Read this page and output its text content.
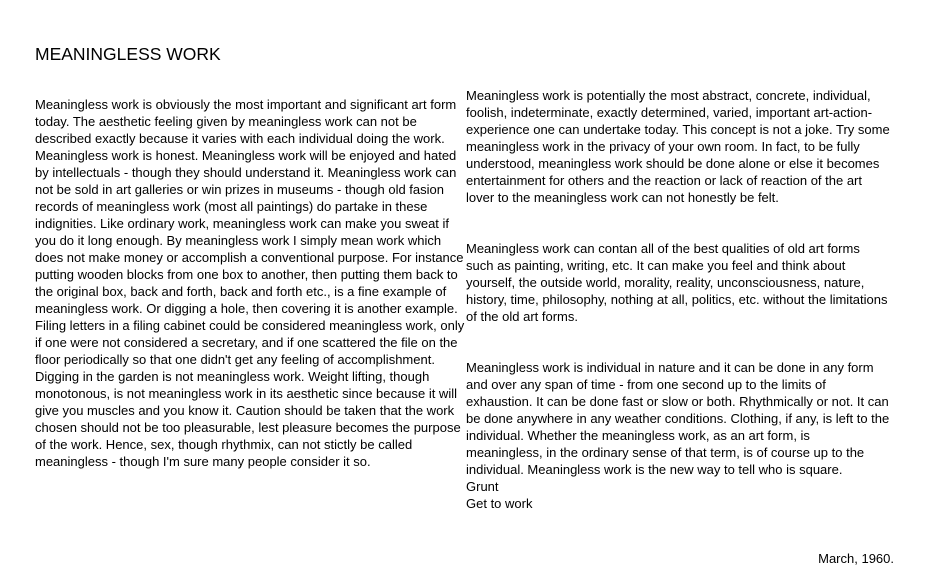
MEANINGLESS WORK

Meaningless work is obviously the most important and significant art form today. The aesthetic feeling given by meaningless work can not be described exactly because it varies with each individual doing the work. Meaningless work is honest. Meaningless work will be enjoyed and hated by intellectuals - though they should understand it. Meaningless work can not be sold in art galleries or win prizes in museums - though old fasion records of meaningless work (most all paintings) do partake in these indignities. Like ordinary work, meaningless work can make you sweat if you do it long enough. By meaningless work I simply mean work which does not make money or accomplish a conventional purpose. For instance putting wooden blocks from one box to another, then putting them back to the original box, back and forth, back and forth etc., is a fine example of meaningless work. Or digging a hole, then covering it is another example. Filing letters in a filing cabinet could be considered meaningless work, only if one were not considered a secretary, and if one scattered the file on the floor periodically so that one didn't get any feeling of accomplishment. Digging in the garden is not meaningless work. Weight lifting, though monotonous, is not meaningless work in its aesthetic since because it will give you muscles and you know it. Caution should be taken that the work chosen should not be too pleasurable, lest pleasure becomes the purpose of the work. Hence, sex, though rhythmix, can not stictly be called meaningless - though I'm sure many people consider it so.

Meaningless work is potentially the most abstract, concrete, individual, foolish, indeterminate, exactly determined, varied, important art-action-experience one can undertake today. This concept is not a joke. Try some meaningless work in the privacy of your own room. In fact, to be fully understood, meaningless work should be done alone or else it becomes entertainment for others and the reaction or lack of reaction of the art lover to the meaningless work can not honestly be felt.

Meaningless work can contan all of the best qualities of old art forms such as painting, writing, etc. It can make you feel and think about yourself, the outside world, morality, reality, unconsciousness, nature, history, time, philosophy, nothing at all, politics, etc. without the limitations of the old art forms.

Meaningless work is individual in nature and it can be done in any form and over any span of time - from one second up to the limits of exhaustion. It can be done fast or slow or both. Rhythmically or not. It can be done anywhere in any weather conditions. Clothing, if any, is left to the individual. Whether the meaningless work, as an art form, is meaningless, in the ordinary sense of that term, is of course up to the individual. Meaningless work is the new way to tell who is square.

Grunt
Get to work
March, 1960.
